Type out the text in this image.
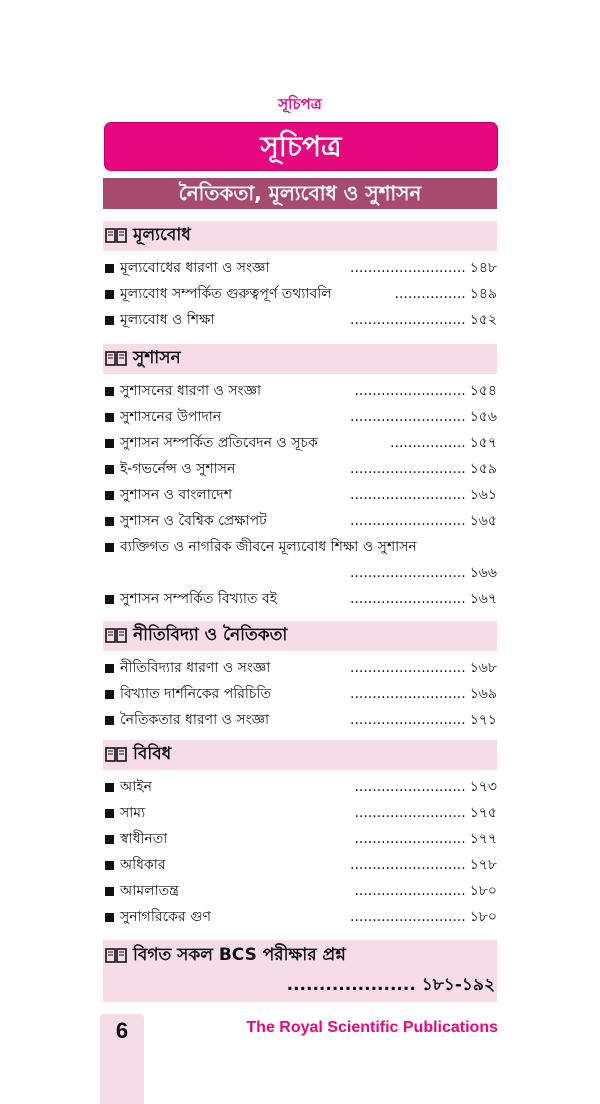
সূচিপত্র
সূচিপত্র
নৈতিকতা, মূল্যবোধ ও সুশাসন
মূল্যবোধ
মূল্যবোধের ধারণা ও সংজ্ঞা	.......................... ১৪৮
মূল্যবোধ সম্পর্কিত গুরুত্বপূর্ণ তথ্যাবলি	................ ১৪৯
মূল্যবোধ ও শিক্ষা	.......................... ১৫২
সুশাসন
সুশাসনের ধারণা ও সংজ্ঞা	......................... ১৫৪
সুশাসনের উপাদান	.......................... ১৫৬
সুশাসন সম্পর্কিত প্রতিবেদন ও সূচক	................. ১৫৭
ই-গভর্নেন্স ও সুশাসন	.......................... ১৫৯
সুশাসন ও বাংলাদেশ	.......................... ১৬১
সুশাসন ও বৈশ্বিক প্রেক্ষাপট	.......................... ১৬৫
ব্যক্তিগত ও নাগরিক জীবনে মূল্যবোধ শিক্ষা ও সুশাসন
.......................... ১৬৬
সুশাসন সম্পর্কিত বিখ্যাত বই	.......................... ১৬৭
নীতিবিদ্যা ও নৈতিকতা
নীতিবিদ্যার ধারণা ও সংজ্ঞা	.......................... ১৬৮
বিখ্যাত দার্শনিকের পরিচিতি	.......................... ১৬৯
নৈতিকতার ধারণা ও সংজ্ঞা	.......................... ১৭১
বিবিধ
আইন	......................... ১৭৩
সাম্য	......................... ১৭৫
স্বাধীনতা	......................... ১৭৭
অধিকার	.......................... ১৭৮
আমলাতন্ত্র	......................... ১৮০
সুনাগরিকের গুণ	.......................... ১৮০
বিগত সকল BCS পরীক্ষার প্রশ্ন
.................... ১৮১-১৯২
6	The Royal Scientific Publications
